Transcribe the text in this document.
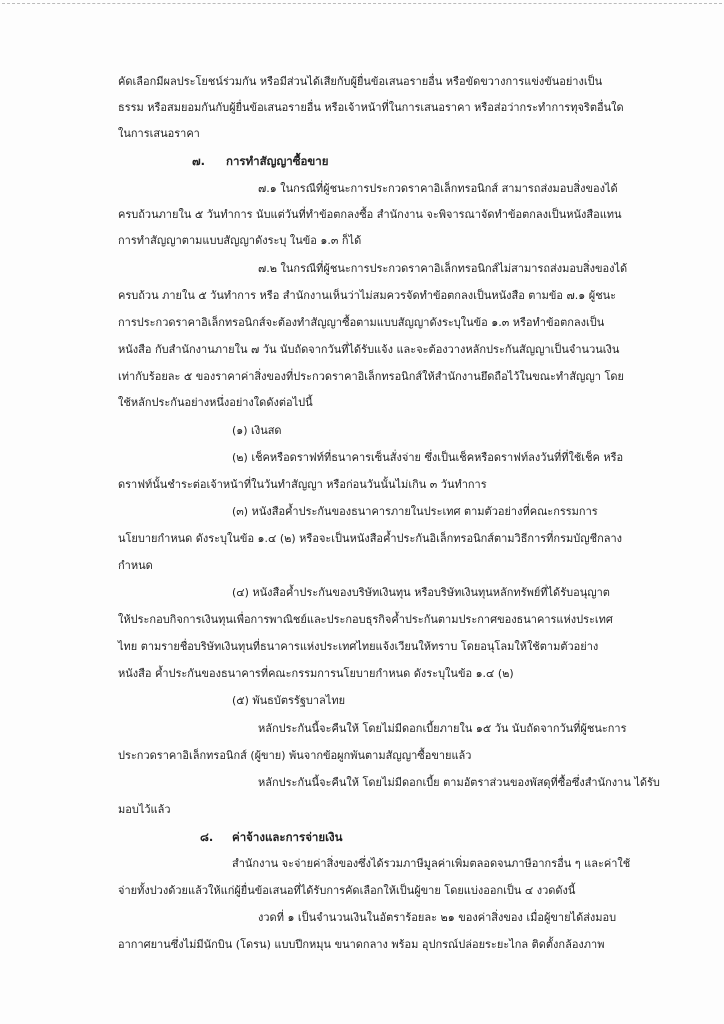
คัดเลือกมีผลประโยชน์ร่วมกัน หรือมีส่วนได้เสียกับผู้ยื่นข้อเสนอรายอื่น หรือขัดขวางการแข่งขันอย่างเป็น
ธรรม หรือสมยอมกันกับผู้ยื่นข้อเสนอรายอื่น หรือเจ้าหน้าที่ในการเสนอราคา หรือส่อว่ากระทำการทุจริตอื่นใด
ในการเสนอราคา
๗. การทำสัญญาซื้อขาย
๗.๑ ในกรณีที่ผู้ชนะการประกวดราคาอิเล็กทรอนิกส์ สามารถส่งมอบสิ่งของได้
ครบถ้วนภายใน ๕ วันทำการ นับแต่วันที่ทำข้อตกลงซื้อ สำนักงาน จะพิจารณาจัดทำข้อตกลงเป็นหนังสือแทน
การทำสัญญาตามแบบสัญญาดังระบุ ในข้อ ๑.๓ ก็ได้
๗.๒ ในกรณีที่ผู้ชนะการประกวดราคาอิเล็กทรอนิกส์ไม่สามารถส่งมอบสิ่งของได้
ครบถ้วน ภายใน ๕ วันทำการ หรือ สำนักงานเห็นว่าไม่สมควรจัดทำข้อตกลงเป็นหนังสือ ตามข้อ ๗.๑ ผู้ชนะ
การประกวดราคาอิเล็กทรอนิกส์จะต้องทำสัญญาซื้อตามแบบสัญญาดังระบุในข้อ ๑.๓ หรือทำข้อตกลงเป็น
หนังสือ กับสำนักงานภายใน ๗ วัน นับถัดจากวันที่ได้รับแจ้ง และจะต้องวางหลักประกันสัญญาเป็นจำนวนเงิน
เท่ากับร้อยละ ๕ ของราคาค่าสิ่งของที่ประกวดราคาอิเล็กทรอนิกส์ให้สำนักงานยึดถือไว้ในขณะทำสัญญา โดย
ใช้หลักประกันอย่างหนึ่งอย่างใดดังต่อไปนี้
(๑) เงินสด
(๒) เช็คหรือดราฟท์ที่ธนาคารเซ็นสั่งจ่าย ซึ่งเป็นเช็คหรือดราฟท์ลงวันที่ที่ใช้เช็ค หรือ
ดราฟท์นั้นชำระต่อเจ้าหน้าที่ในวันทำสัญญา หรือก่อนวันนั้นไม่เกิน ๓ วันทำการ
(๓) หนังสือค้ำประกันของธนาคารภายในประเทศ ตามตัวอย่างที่คณะกรรมการ
นโยบายกำหนด ดังระบุในข้อ ๑.๔ (๒) หรือจะเป็นหนังสือค้ำประกันอิเล็กทรอนิกส์ตามวิธีการที่กรมบัญชีกลาง
กำหนด
(๔) หนังสือค้ำประกันของบริษัทเงินทุน หรือบริษัทเงินทุนหลักทรัพย์ที่ได้รับอนุญาต
ให้ประกอบกิจการเงินทุนเพื่อการพาณิชย์และประกอบธุรกิจค้ำประกันตามประกาศของธนาคารแห่งประเทศ
ไทย ตามรายชื่อบริษัทเงินทุนที่ธนาคารแห่งประเทศไทยแจ้งเวียนให้ทราบ โดยอนุโลมให้ใช้ตามตัวอย่าง
หนังสือ ค้ำประกันของธนาคารที่คณะกรรมการนโยบายกำหนด ดังระบุในข้อ ๑.๔ (๒)
(๕) พันธบัตรรัฐบาลไทย
หลักประกันนี้จะคืนให้ โดยไม่มีดอกเบี้ยภายใน ๑๕ วัน นับถัดจากวันที่ผู้ชนะการ
ประกวดราคาอิเล็กทรอนิกส์ (ผู้ขาย) พ้นจากข้อผูกพันตามสัญญาซื้อขายแล้ว
หลักประกันนี้จะคืนให้ โดยไม่มีดอกเบี้ย ตามอัตราส่วนของพัสดุที่ซื้อซึ่งสำนักงาน ได้รับ
มอบไว้แล้ว
๘. ค่าจ้างและการจ่ายเงิน
สำนักงาน จะจ่ายค่าสิ่งของซึ่งได้รวมภาษีมูลค่าเพิ่มตลอดจนภาษีอากรอื่น ๆ และค่าใช้
จ่ายทั้งปวงด้วยแล้วให้แก่ผู้ยื่นข้อเสนอที่ได้รับการคัดเลือกให้เป็นผู้ขาย โดยแบ่งออกเป็น ๔ งวดดังนี้
งวดที่ ๑ เป็นจำนวนเงินในอัตราร้อยละ ๒๑ ของค่าสิ่งของ เมื่อผู้ขายได้ส่งมอบ
อากาศยานซึ่งไม่มีนักบิน (โดรน) แบบปีกหมุน ขนาดกลาง พร้อม อุปกรณ์ปล่อยระยะไกล ติดตั้งกล้องภาพ
